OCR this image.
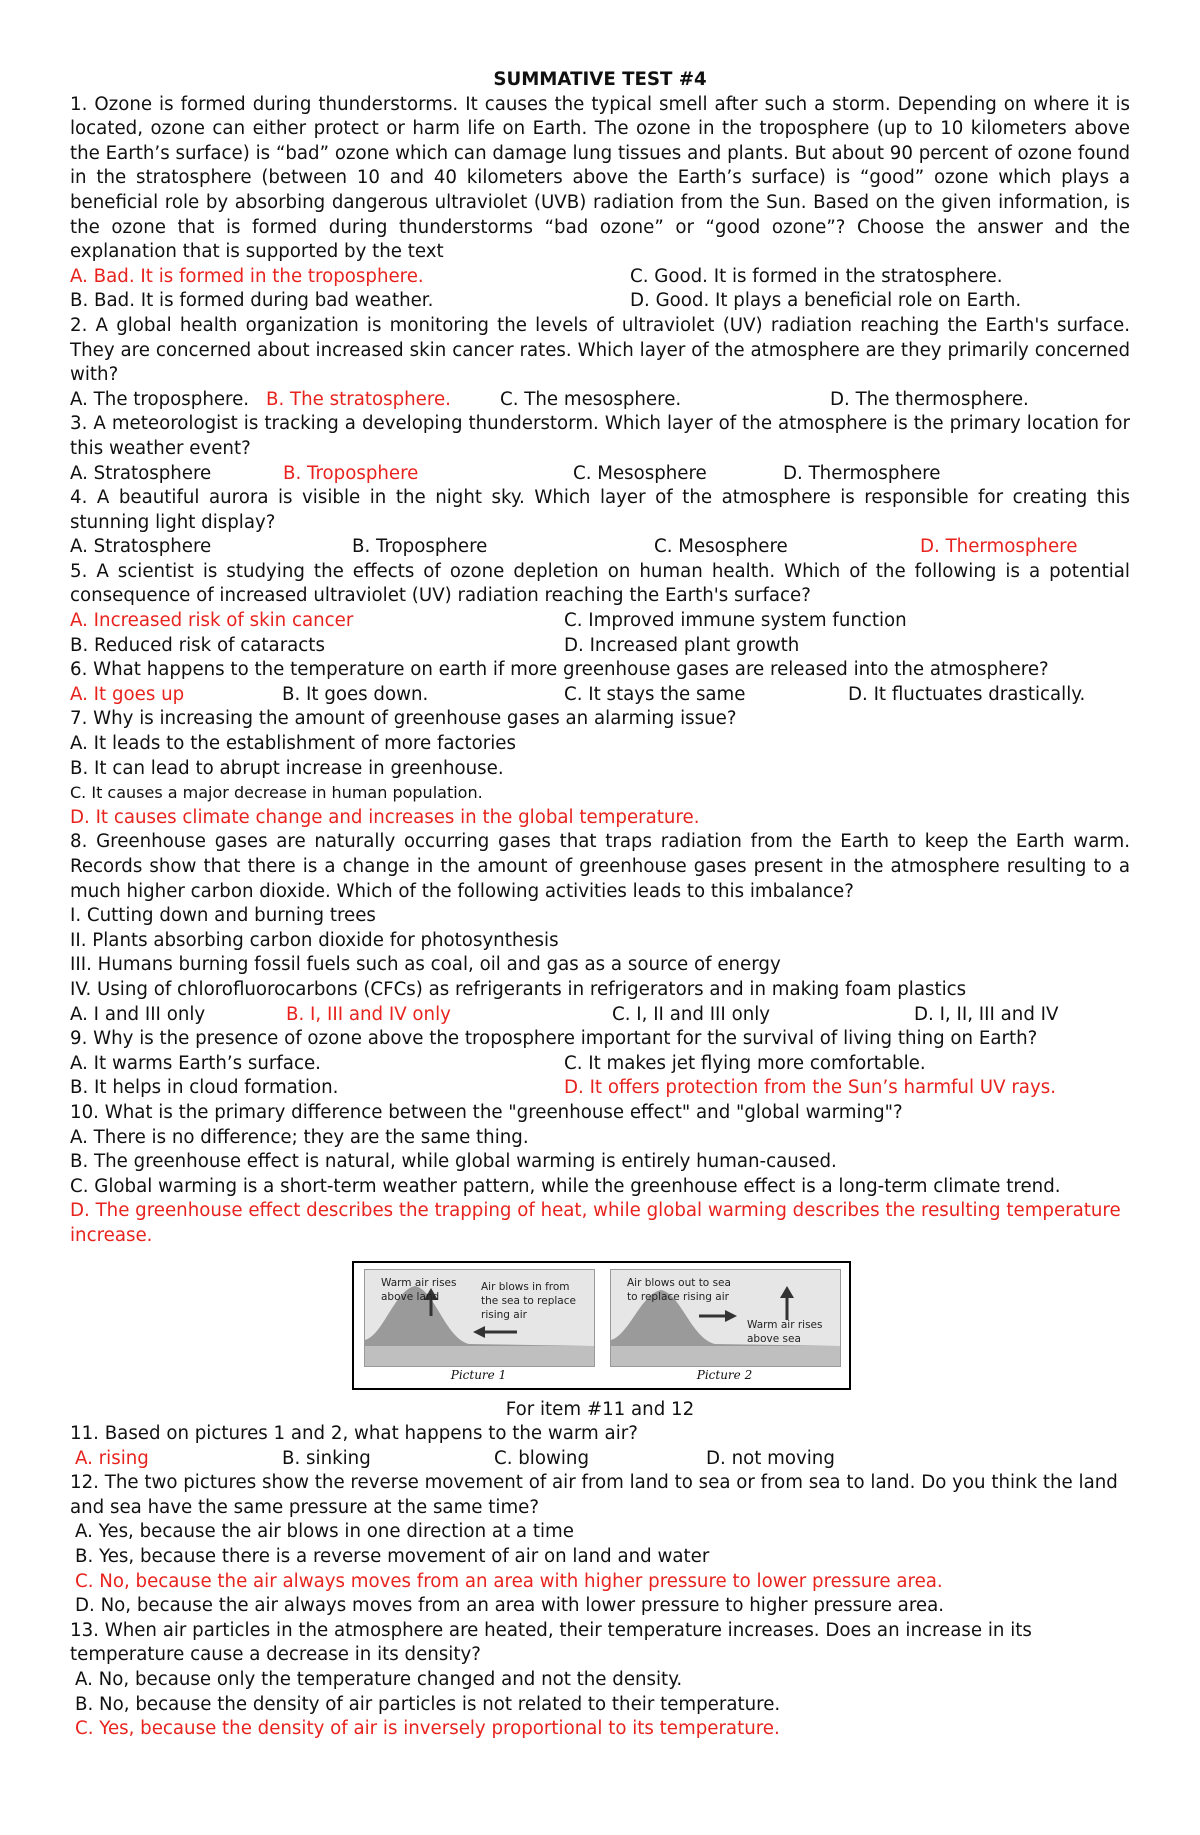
SUMMATIVE TEST #4
1. Ozone is formed during thunderstorms. It causes the typical smell after such a storm. Depending on where it is located, ozone can either protect or harm life on Earth. The ozone in the troposphere (up to 10 kilometers above the Earth’s surface) is “bad” ozone which can damage lung tissues and plants. But about 90 percent of ozone found in the stratosphere (between 10 and 40 kilometers above the Earth’s surface) is “good” ozone which plays a beneficial role by absorbing dangerous ultraviolet (UVB) radiation from the Sun. Based on the given information, is the ozone that is formed during thunderstorms “bad ozone” or “good ozone”? Choose the answer and the explanation that is supported by the text
A. Bad. It is formed in the troposphere.	C. Good. It is formed in the stratosphere.
B. Bad. It is formed during bad weather.	D. Good. It plays a beneficial role on Earth.
2. A global health organization is monitoring the levels of ultraviolet (UV) radiation reaching the Earth's surface. They are concerned about increased skin cancer rates. Which layer of the atmosphere are they primarily concerned with?
A. The troposphere. B. The stratosphere.	C. The mesosphere.	D. The thermosphere.
3. A meteorologist is tracking a developing thunderstorm. Which layer of the atmosphere is the primary location for this weather event?
A. Stratosphere	B. Troposphere	C. Mesosphere	D. Thermosphere
4. A beautiful aurora is visible in the night sky. Which layer of the atmosphere is responsible for creating this stunning light display?
A. Stratosphere	B. Troposphere	C. Mesosphere	D. Thermosphere
5. A scientist is studying the effects of ozone depletion on human health. Which of the following is a potential consequence of increased ultraviolet (UV) radiation reaching the Earth's surface?
A. Increased risk of skin cancer	C. Improved immune system function
B. Reduced risk of cataracts	D. Increased plant growth
6. What happens to the temperature on earth if more greenhouse gases are released into the atmosphere?
A. It goes up	B. It goes down.	C. It stays the same	D. It fluctuates drastically.
7. Why is increasing the amount of greenhouse gases an alarming issue?
A. It leads to the establishment of more factories
B. It can lead to abrupt increase in greenhouse.
C. It causes a major decrease in human population.
D. It causes climate change and increases in the global temperature.
8. Greenhouse gases are naturally occurring gases that traps radiation from the Earth to keep the Earth warm. Records show that there is a change in the amount of greenhouse gases present in the atmosphere resulting to a much higher carbon dioxide. Which of the following activities leads to this imbalance?
I. Cutting down and burning trees
II. Plants absorbing carbon dioxide for photosynthesis
III. Humans burning fossil fuels such as coal, oil and gas as a source of energy
IV. Using of chlorofluorocarbons (CFCs) as refrigerants in refrigerators and in making foam plastics
A. I and III only	B. I, III and IV only	C. I, II and III only	D. I, II, III and IV
9. Why is the presence of ozone above the troposphere important for the survival of living thing on Earth?
A. It warms Earth’s surface.	C. It makes jet flying more comfortable.
B. It helps in cloud formation.	D. It offers protection from the Sun’s harmful UV rays.
10. What is the primary difference between the "greenhouse effect" and "global warming"?
A. There is no difference; they are the same thing.
B. The greenhouse effect is natural, while global warming is entirely human-caused.
C. Global warming is a short-term weather pattern, while the greenhouse effect is a long-term climate trend.
D. The greenhouse effect describes the trapping of heat, while global warming describes the resulting temperature increase.
Warm air rises
above land
Air blows in from
the sea to replace
rising air
Picture 1
Air blows out to sea
to replace rising air
Warm air rises
above sea
Picture 2
For item #11 and 12
11. Based on pictures 1 and 2, what happens to the warm air?
A. rising	B. sinking	C. blowing	D. not moving
12. The two pictures show the reverse movement of air from land to sea or from sea to land. Do you think the land and sea have the same pressure at the same time?
A. Yes, because the air blows in one direction at a time
B. Yes, because there is a reverse movement of air on land and water
C. No, because the air always moves from an area with higher pressure to lower pressure area.
D. No, because the air always moves from an area with lower pressure to higher pressure area.
13. When air particles in the atmosphere are heated, their temperature increases. Does an increase in its temperature cause a decrease in its density?
A. No, because only the temperature changed and not the density.
B. No, because the density of air particles is not related to their temperature.
C. Yes, because the density of air is inversely proportional to its temperature.
